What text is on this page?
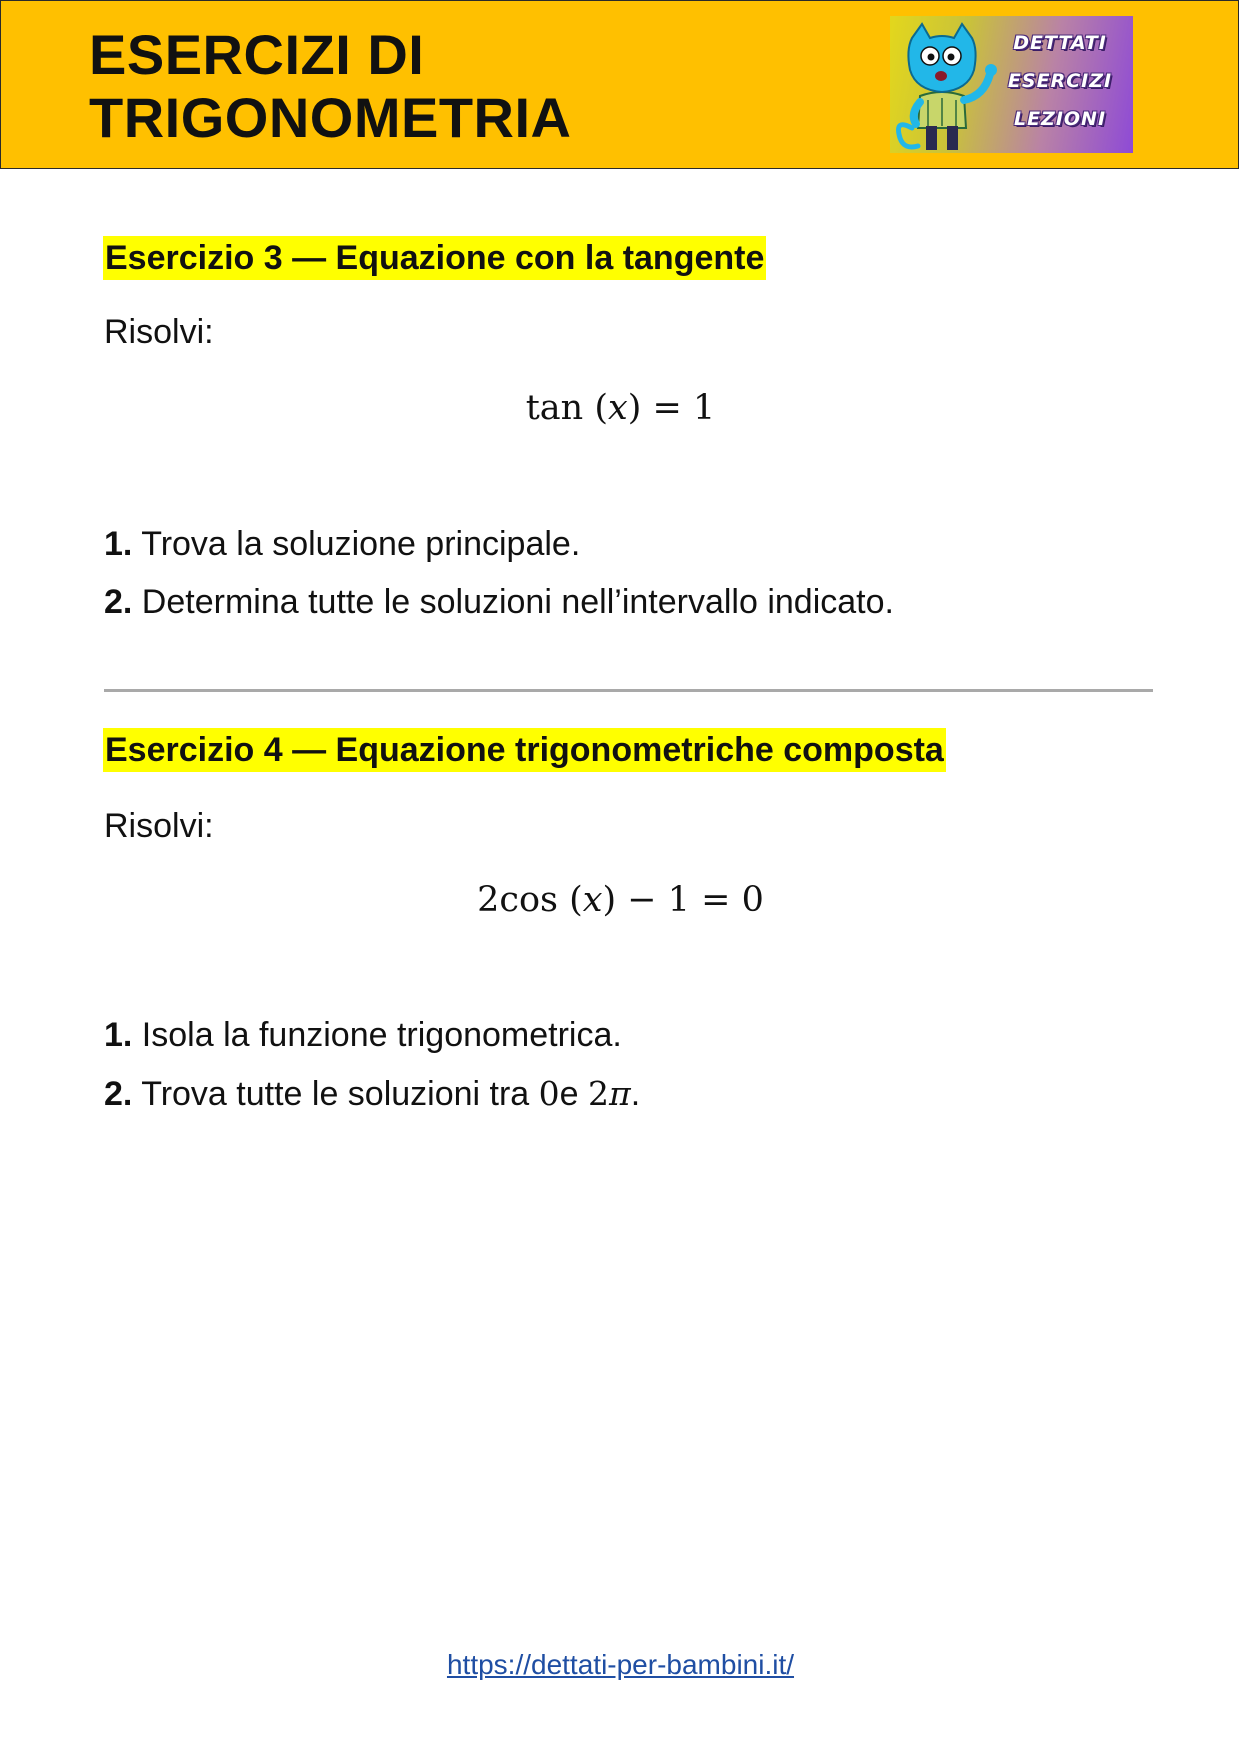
ESERCIZI DI
TRIGONOMETRIA
DETTATI
ESERCIZI
LEZIONI
Esercizio 3 — Equazione con la tangente

Risolvi:

tan (x) = 1

1. Trova la soluzione principale.

2. Determina tutte le soluzioni nell’intervallo indicato.

Esercizio 4 — Equazione trigonometriche composta

Risolvi:

2cos (x) − 1 = 0

1. Isola la funzione trigonometrica.

2. Trova tutte le soluzioni tra 0e 2π.

https://dettati-per-bambini.it/
